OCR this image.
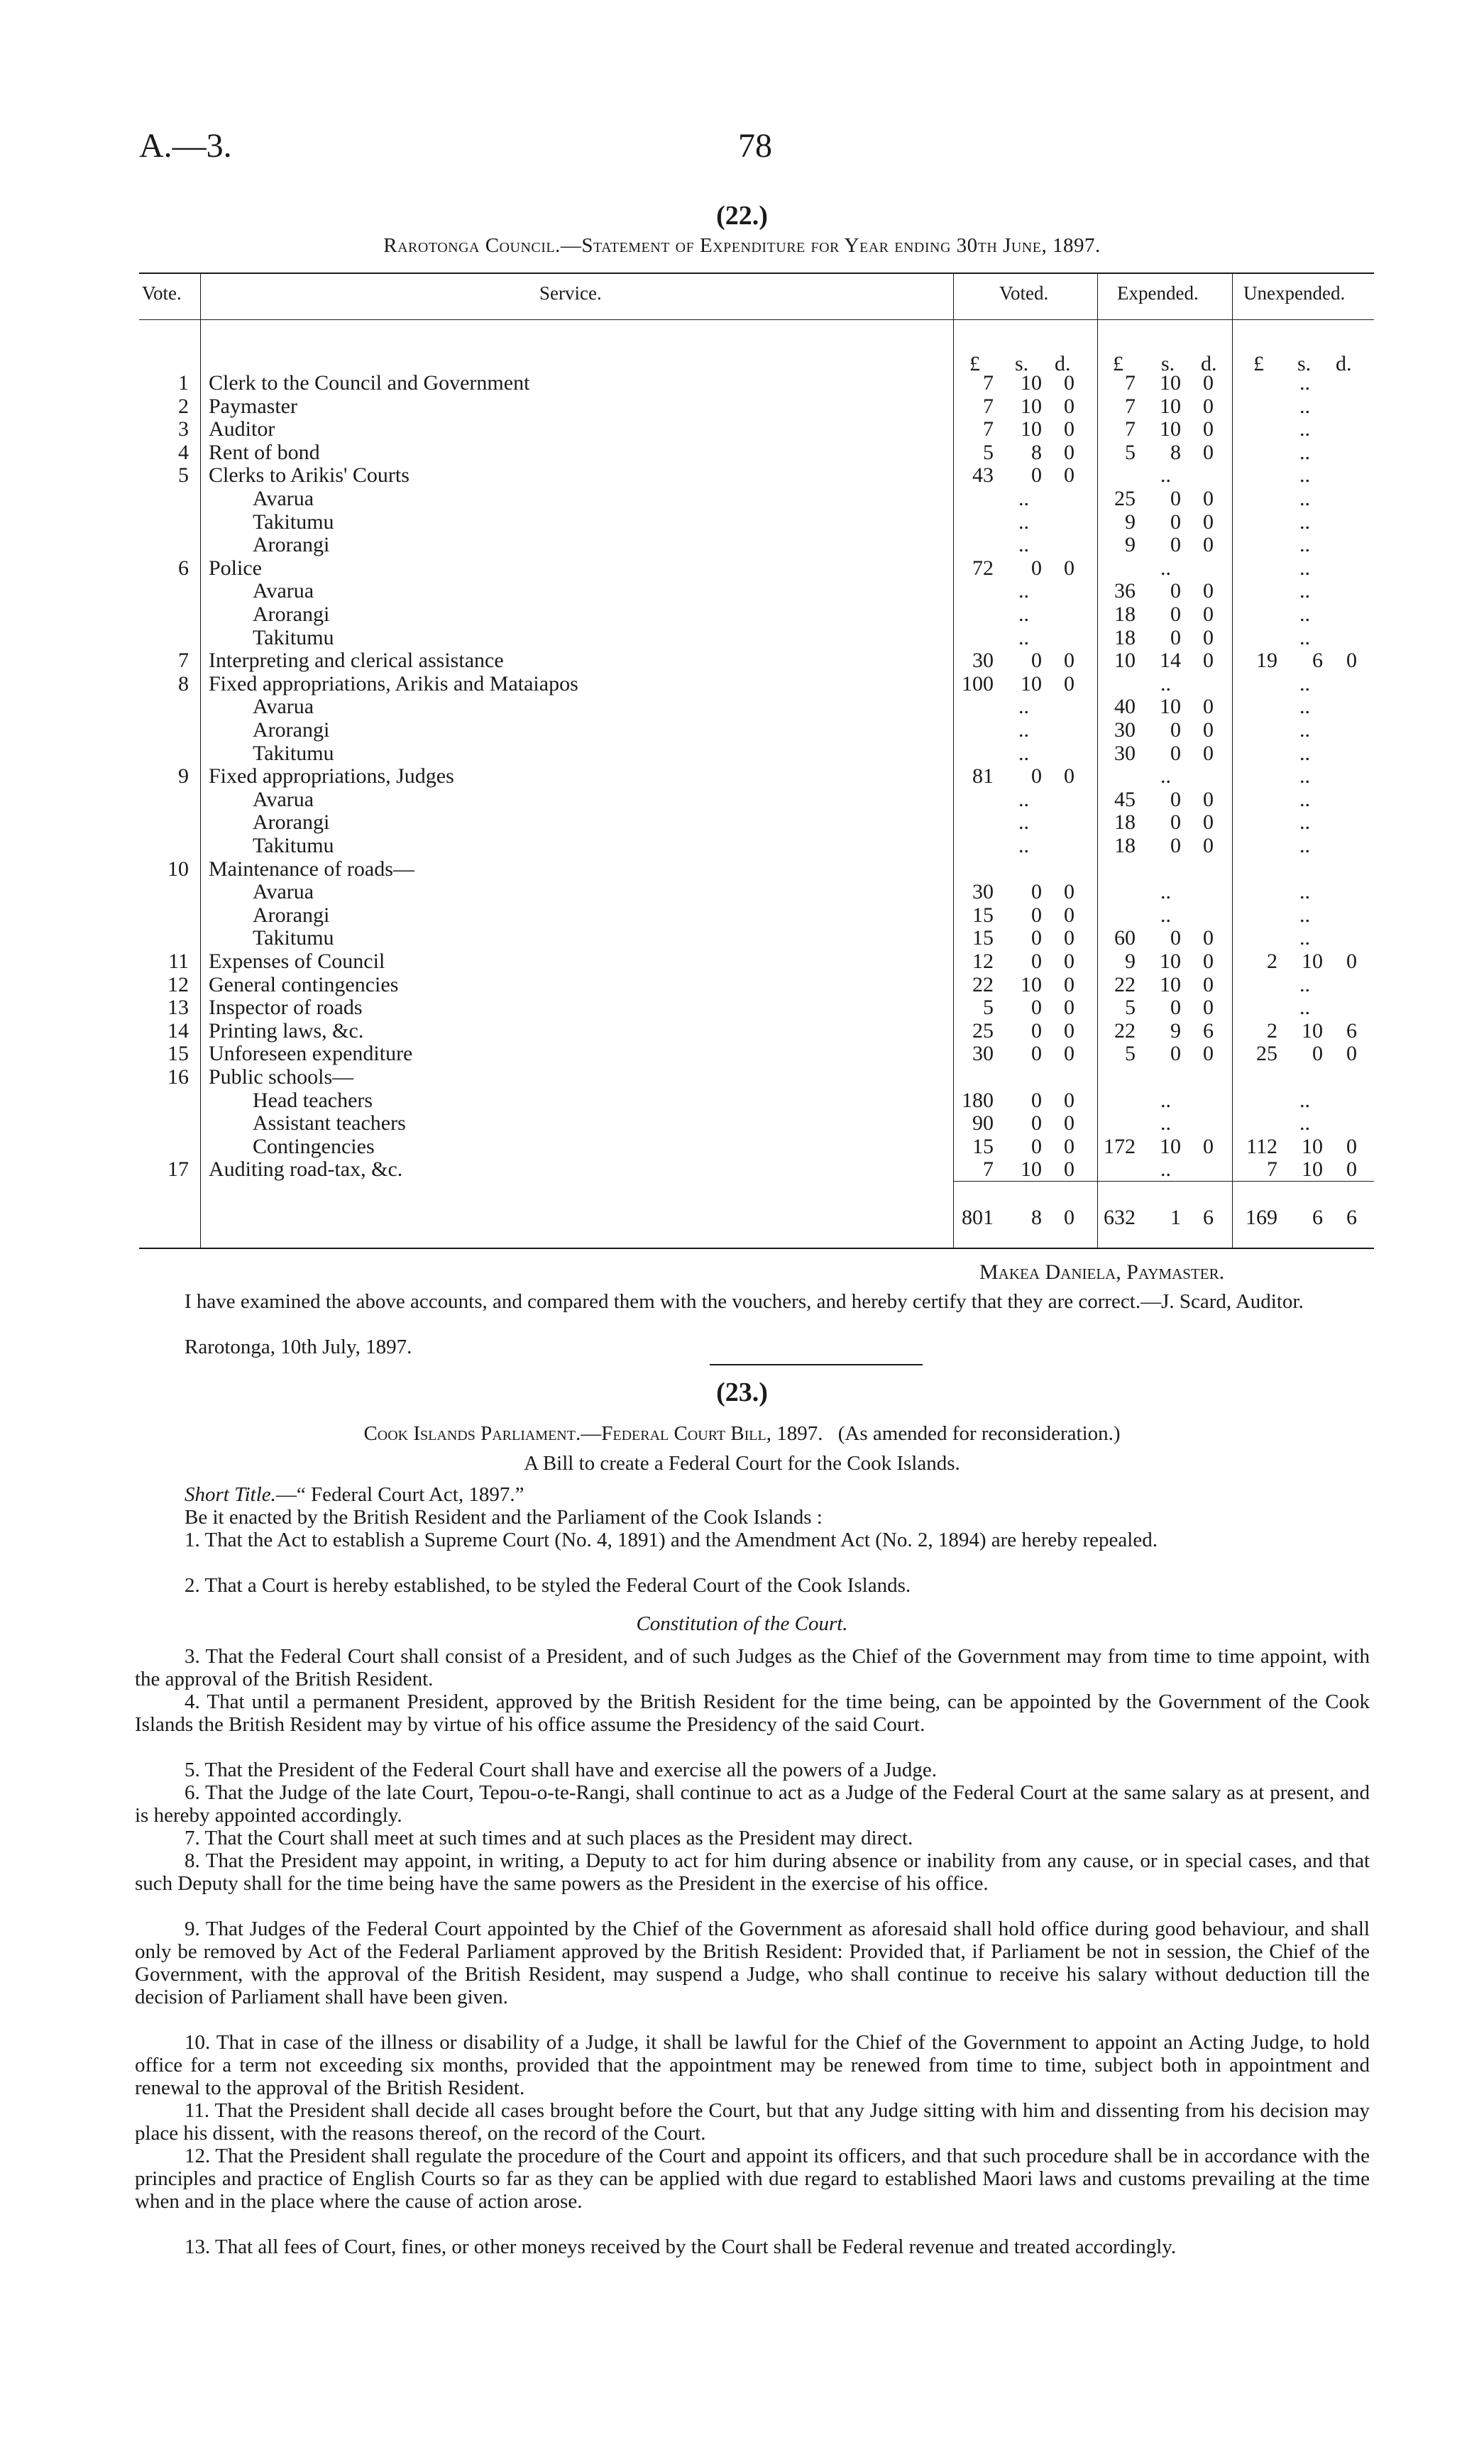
A.—3.	78
(22.)
Rarotonga Council.—Statement of Expenditure for Year ending 30th June, 1897.
Vote.	Service.	Voted.	Expended. Unexpended.
£ s. d. £ s. d. £ s. d.
1 Clerk to the Council and Government	7	10	0	7	10	0	..
2 Paymaster	7	10	0	7	10	0	..
3 Auditor	7	10	0	7	10	0	..
4 Rent of bond	5	8	0	5	8	0	..
5 Clerks to Arikis' Courts	43	0	0	..	..
Avarua	..	25	0	0	..
Takitumu	..	9	0	0	..
Arorangi	..	9	0	0	..
6 Police	72	0	0	..	..
Avarua	..	36	0	0	..
Arorangi	..	18	0	0	..
Takitumu	..	18	0	0	..
7 Interpreting and clerical assistance	30	0	0	10	14	0	19	6	0
8 Fixed appropriations, Arikis and Mataiapos	100	10	0	..	..
Avarua	..	40	10	0	..
Arorangi	..	30	0	0	..
Takitumu	..	30	0	0	..
9 Fixed appropriations, Judges	81	0	0	..	..
Avarua	..	45	0	0	..
Arorangi	..	18	0	0	..
Takitumu	..	18	0	0	..
10 Maintenance of roads—
Avarua	30	0	0	..	..
Arorangi	15	0	0	..	..
Takitumu	15	0	0	60	0	0	..
11 Expenses of Council	12	0	0	9	10	0	2	10	0
12 General contingencies	22	10	0	22	10	0	..
13 Inspector of roads	5	0	0	5	0	0	..
14 Printing laws, &c.	25	0	0	22	9	6	2	10	6
15 Unforeseen expenditure	30	0	0	5	0	0	25	0	0
16 Public schools—
Head teachers	180	0	0	..	..
Assistant teachers	90	0	0	..	..
Contingencies	15	0	0	172	10	0	112	10	0
17 Auditing road-tax, &c.	7	10	0	..	7	10	0
801	8	0	632	1	6	169	6	6
Makea Daniela, Paymaster.
I have examined the above accounts, and compared them with the vouchers, and hereby certify that they are correct.—J. Scard, Auditor.
Rarotonga, 10th July, 1897.
(23.)
Cook Islands Parliament.—Federal Court Bill, 1897. (As amended for reconsideration.)
A Bill to create a Federal Court for the Cook Islands.
Short Title.—“ Federal Court Act, 1897.”
Be it enacted by the British Resident and the Parliament of the Cook Islands :
1. That the Act to establish a Supreme Court (No. 4, 1891) and the Amendment Act (No. 2, 1894) are hereby repealed.
2. That a Court is hereby established, to be styled the Federal Court of the Cook Islands.
Constitution of the Court.
3. That the Federal Court shall consist of a President, and of such Judges as the Chief of the Government may from time to time appoint, with the approval of the British Resident.
4. That until a permanent President, approved by the British Resident for the time being, can be appointed by the Government of the Cook Islands the British Resident may by virtue of his office assume the Presidency of the said Court.
5. That the President of the Federal Court shall have and exercise all the powers of a Judge.
6. That the Judge of the late Court, Tepou-o-te-Rangi, shall continue to act as a Judge of the Federal Court at the same salary as at present, and is hereby appointed accordingly.
7. That the Court shall meet at such times and at such places as the President may direct.
8. That the President may appoint, in writing, a Deputy to act for him during absence or inability from any cause, or in special cases, and that such Deputy shall for the time being have the same powers as the President in the exercise of his office.
9. That Judges of the Federal Court appointed by the Chief of the Government as aforesaid shall hold office during good behaviour, and shall only be removed by Act of the Federal Parliament approved by the British Resident: Provided that, if Parliament be not in session, the Chief of the Government, with the approval of the British Resident, may suspend a Judge, who shall continue to receive his salary without deduction till the decision of Parliament shall have been given.
10. That in case of the illness or disability of a Judge, it shall be lawful for the Chief of the Government to appoint an Acting Judge, to hold office for a term not exceeding six months, provided that the appointment may be renewed from time to time, subject both in appointment and renewal to the approval of the British Resident.
11. That the President shall decide all cases brought before the Court, but that any Judge sitting with him and dissenting from his decision may place his dissent, with the reasons thereof, on the record of the Court.
12. That the President shall regulate the procedure of the Court and appoint its officers, and that such procedure shall be in accordance with the principles and practice of English Courts so far as they can be applied with due regard to established Maori laws and customs prevailing at the time when and in the place where the cause of action arose.
13. That all fees of Court, fines, or other moneys received by the Court shall be Federal revenue and treated accordingly.
